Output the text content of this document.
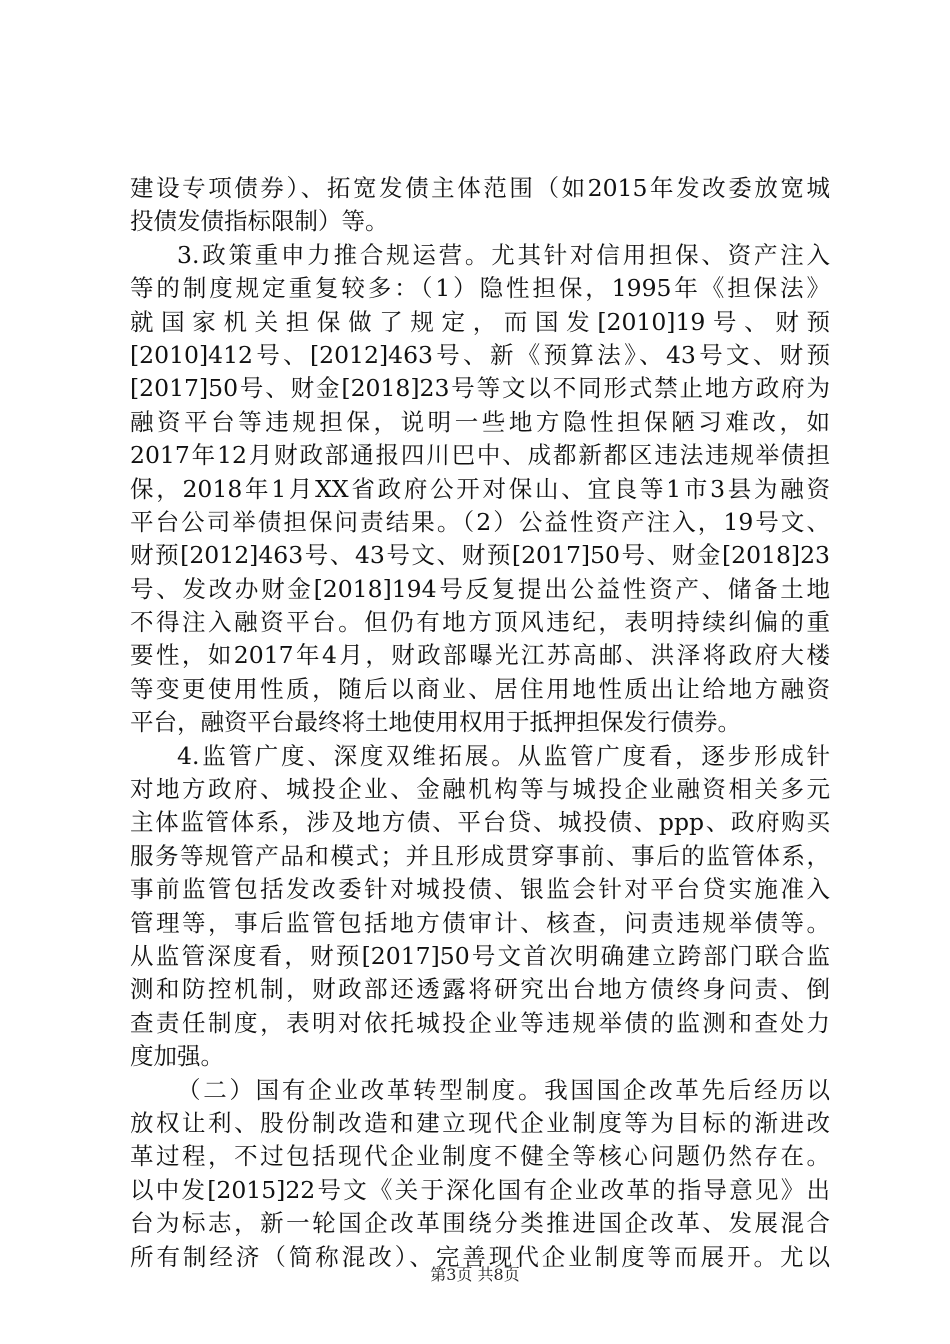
建设专项债券）、拓宽发债主体范围（如2015年发改委放宽城
投债发债指标限制）等。
3.政策重申力推合规运营。尤其针对信用担保、资产注入
等的制度规定重复较多：（1）隐性担保，1995年《担保法》
就国家机关担保做了规定，而国发[2010]19号、财预
[2010]412号、[2012]463号、新《预算法》、43号文、财预
[2017]50号、财金[2018]23号等文以不同形式禁止地方政府为
融资平台等违规担保，说明一些地方隐性担保陋习难改，如
2017年12月财政部通报四川巴中、成都新都区违法违规举债担
保，2018年1月XX省政府公开对保山、宜良等1市3县为融资
平台公司举债担保问责结果。（2）公益性资产注入，19号文、
财预[2012]463号、43号文、财预[2017]50号、财金[2018]23
号、发改办财金[2018]194号反复提出公益性资产、储备土地
不得注入融资平台。但仍有地方顶风违纪，表明持续纠偏的重
要性，如2017年4月，财政部曝光江苏高邮、洪泽将政府大楼
等变更使用性质，随后以商业、居住用地性质出让给地方融资
平台，融资平台最终将土地使用权用于抵押担保发行债券。
4.监管广度、深度双维拓展。从监管广度看，逐步形成针
对地方政府、城投企业、金融机构等与城投企业融资相关多元
主体监管体系，涉及地方债、平台贷、城投债、ppp、政府购买
服务等规管产品和模式；并且形成贯穿事前、事后的监管体系，
事前监管包括发改委针对城投债、银监会针对平台贷实施准入
管理等，事后监管包括地方债审计、核查，问责违规举债等。
从监管深度看，财预[2017]50号文首次明确建立跨部门联合监
测和防控机制，财政部还透露将研究出台地方债终身问责、倒
查责任制度，表明对依托城投企业等违规举债的监测和查处力
度加强。
（二）国有企业改革转型制度。我国国企改革先后经历以
放权让利、股份制改造和建立现代企业制度等为目标的渐进改
革过程，不过包括现代企业制度不健全等核心问题仍然存在。
以中发[2015]22号文《关于深化国有企业改革的指导意见》出
台为标志，新一轮国企改革围绕分类推进国企改革、发展混合
所有制经济（简称混改）、完善现代企业制度等而展开。尤以
第3页 共8页
